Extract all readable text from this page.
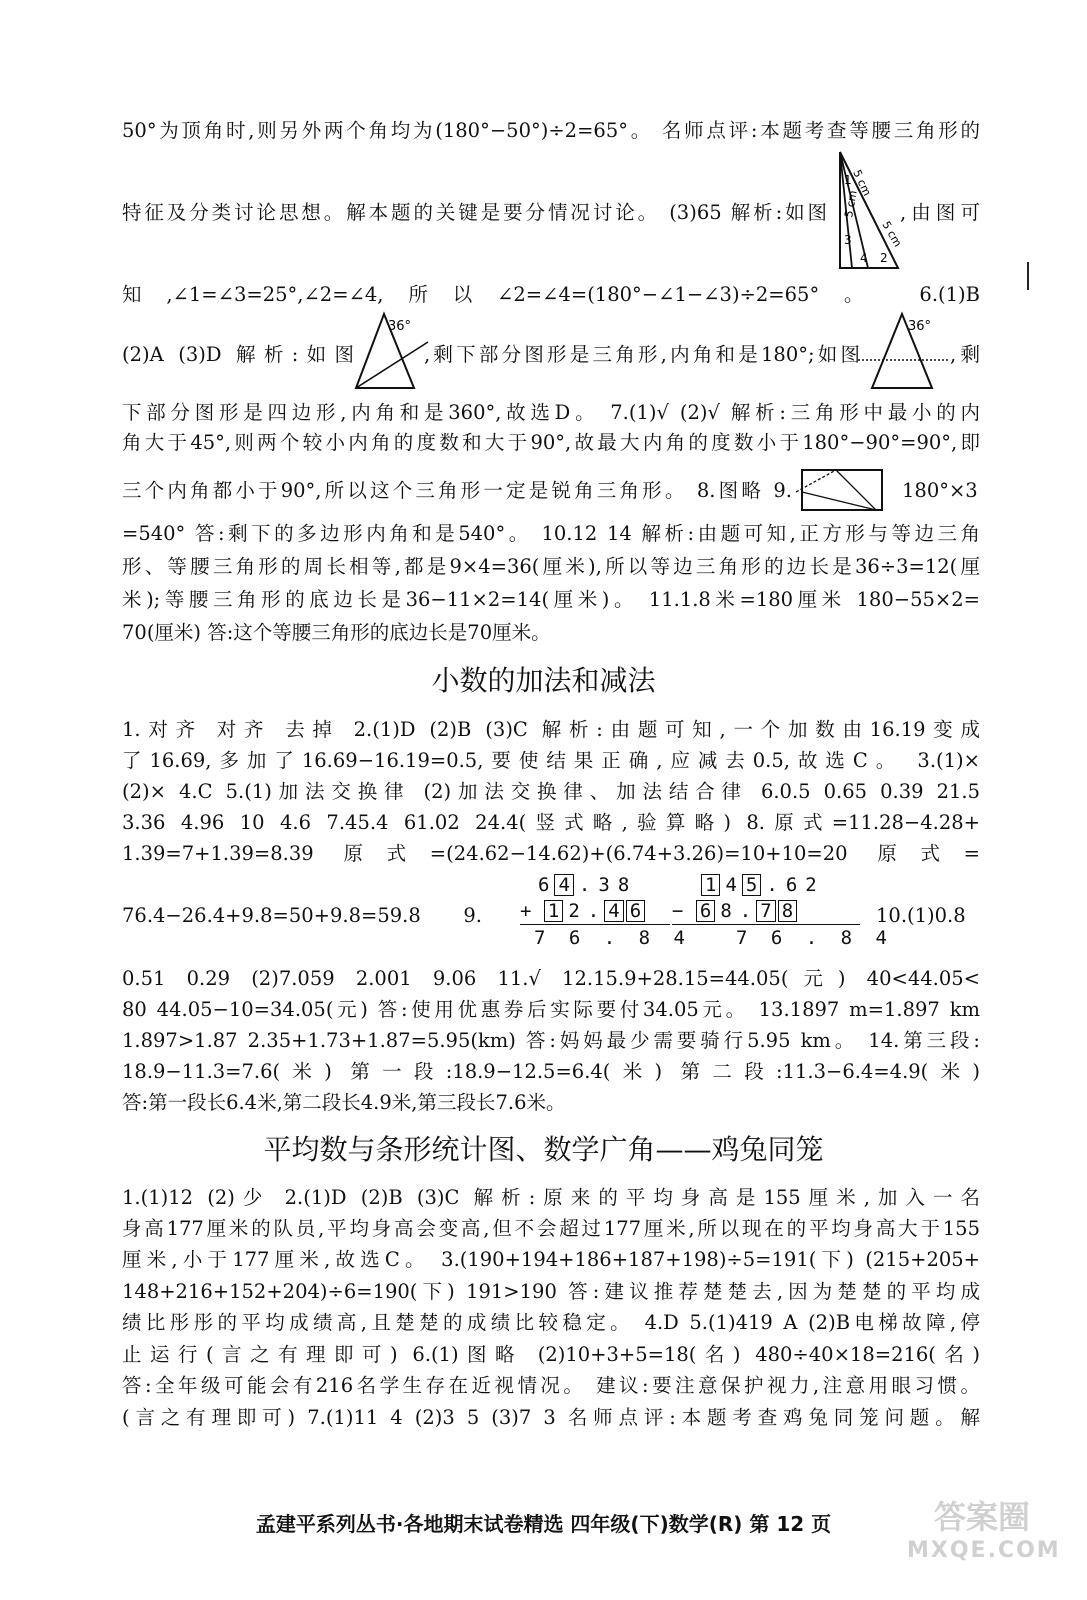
50°为顶角时,则另外两个角均为(180°−50°)÷2=65°。 名师点评:本题考查等腰三角形的
特征及分类讨论思想。解本题的关键是要分情况讨论。 (3)65 解析:如图	,由图可
知,∠1=∠3=25°,∠2=∠4,所以∠2=∠4=(180°−∠1−∠3)÷2=65°。 6.(1)B
(2)A (3)D 解析:如图	,剩下部分图形是三角形,内角和是180°;如图	,剩
下部分图形是四边形,内角和是360°,故选D。 7.(1)√ (2)√ 解析:三角形中最小的内
角大于45°,则两个较小内角的度数和大于90°,故最大内角的度数小于180°−90°=90°,即
三个内角都小于90°,所以这个三角形一定是锐角三角形。 8.图略 9.	180°×3
=540° 答:剩下的多边形内角和是540°。 10.12 14 解析:由题可知,正方形与等边三角
形、等腰三角形的周长相等,都是9×4=36(厘米),所以等边三角形的边长是36÷3=12(厘
米);等腰三角形的底边长是36−11×2=14(厘米)。 11.1.8米=180厘米 180−55×2=
70(厘米) 答:这个等腰三角形的底边长是70厘米。
1.对齐 对齐 去掉 2.(1)D (2)B (3)C 解析:由题可知,一个加数由16.19变成
了16.69,多加了16.69−16.19=0.5,要使结果正确,应减去0.5,故选C。 3.(1)×
(2)× 4.C 5.(1)加法交换律 (2)加法交换律、加法结合律 6.0.5 0.65 0.39 21.5
3.36 4.96 10 4.6 7.45.4 61.02 24.4(竖式略,验算略) 8.原式=11.28−4.28+
1.39=7+1.39=8.39 原式=(24.62−14.62)+(6.74+3.26)=10+10=20 原式=
76.4−26.4+9.8=50+9.8=59.8 9.	10.(1)0.8
0.51 0.29 (2)7.059 2.001 9.06 11.√ 12.15.9+28.15=44.05(元) 40<44.05<
80 44.05−10=34.05(元) 答:使用优惠券后实际要付34.05元。 13.1897 m=1.897 km
1.897>1.87 2.35+1.73+1.87=5.95(km) 答:妈妈最少需要骑行5.95 km。 14.第三段:
18.9−11.3=7.6(米) 第一段:18.9−12.5=6.4(米) 第二段:11.3−6.4=4.9(米)
答:第一段长6.4米,第二段长4.9米,第三段长7.6米。
1.(1)12 (2)少 2.(1)D (2)B (3)C 解析:原来的平均身高是155厘米,加入一名
身高177厘米的队员,平均身高会变高,但不会超过177厘米,所以现在的平均身高大于155
厘米,小于177厘米,故选C。 3.(190+194+186+187+198)÷5=191(下) (215+205+
148+216+152+204)÷6=190(下) 191>190 答:建议推荐楚楚去,因为楚楚的平均成
绩比彤彤的平均成绩高,且楚楚的成绩比较稳定。 4.D 5.(1)419 A (2)B电梯故障,停
止运行(言之有理即可) 6.(1)图略 (2)10+3+5=18(名) 480÷40×18=216(名)
答:全年级可能会有216名学生存在近视情况。 建议:要注意保护视力,注意用眼习惯。
(言之有理即可) 7.(1)11 4 (2)3 5 (3)7 3 名师点评:本题考查鸡兔同笼问题。解
小数的加法和减法
平均数与条形统计图、数学广角——鸡兔同笼
1
3
4 2
5 cm
5 cm
5 cm
36°	36°
6 4 . 3 8
+ 1 2 . 4 6
7 6 . 8 4
1 4 5 . 6 2
− 6 8 . 7 8
7 6 . 8 4
孟建平系列丛书·各地期末试卷精选 四年级(下)数学(R) 第 12 页	答案圈
MXQE.COM
